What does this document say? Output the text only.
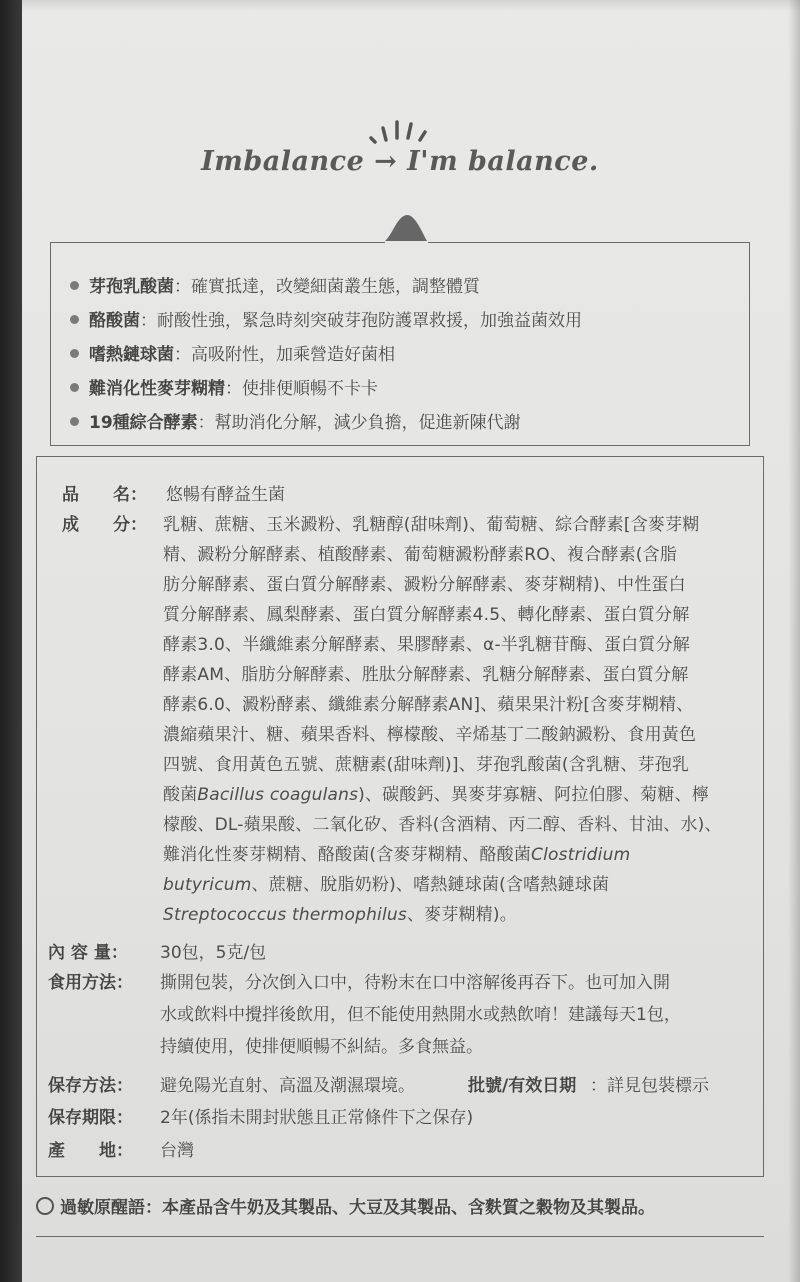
Imbalance → I'm balance.
芽孢乳酸菌：確實抵達，改變細菌叢生態，調整體質
酪酸菌：耐酸性強，緊急時刻突破芽孢防護罩救援，加強益菌效用
嗜熱鏈球菌：高吸附性，加乘營造好菌相
難消化性麥芽糊精：使排便順暢不卡卡
19種綜合酵素：幫助消化分解，減少負擔，促進新陳代謝
品　　名： 悠暢有酵益生菌
成　　分： 乳糖、蔗糖、玉米澱粉、乳糖醇(甜味劑)、葡萄糖、綜合酵素[含麥芽糊
精、澱粉分解酵素、植酸酵素、葡萄糖澱粉酵素RO、複合酵素(含脂
肪分解酵素、蛋白質分解酵素、澱粉分解酵素、麥芽糊精)、中性蛋白
質分解酵素、鳳梨酵素、蛋白質分解酵素4.5、轉化酵素、蛋白質分解
酵素3.0、半纖維素分解酵素、果膠酵素、α-半乳糖苷酶、蛋白質分解
酵素AM、脂肪分解酵素、胜肽分解酵素、乳糖分解酵素、蛋白質分解
酵素6.0、澱粉酵素、纖維素分解酵素AN]、蘋果果汁粉[含麥芽糊精、
濃縮蘋果汁、糖、蘋果香料、檸檬酸、辛烯基丁二酸鈉澱粉、食用黃色
四號、食用黃色五號、蔗糖素(甜味劑)]、芽孢乳酸菌(含乳糖、芽孢乳
酸菌Bacillus coagulans)、碳酸鈣、異麥芽寡糖、阿拉伯膠、菊糖、檸
檬酸、DL-蘋果酸、二氧化矽、香料(含酒精、丙二醇、香料、甘油、水)、
難消化性麥芽糊精、酪酸菌(含麥芽糊精、酪酸菌Clostridium
butyricum、蔗糖、脫脂奶粉)、嗜熱鏈球菌(含嗜熱鏈球菌
Streptococcus thermophilus、麥芽糊精)。
內 容 量： 30包，5克/包
食用方法： 撕開包裝，分次倒入口中，待粉末在口中溶解後再吞下。也可加入開
水或飲料中攪拌後飲用，但不能使用熱開水或熱飲唷！建議每天1包，
持續使用，使排便順暢不糾結。多食無益。
保存方法： 避免陽光直射、高溫及潮濕環境。	批號/有效日期 ：詳見包裝標示
保存期限： 2年(係指未開封狀態且正常條件下之保存)
產　　地： 台灣
過敏原醒語：本產品含牛奶及其製品、大豆及其製品、含麩質之穀物及其製品。
